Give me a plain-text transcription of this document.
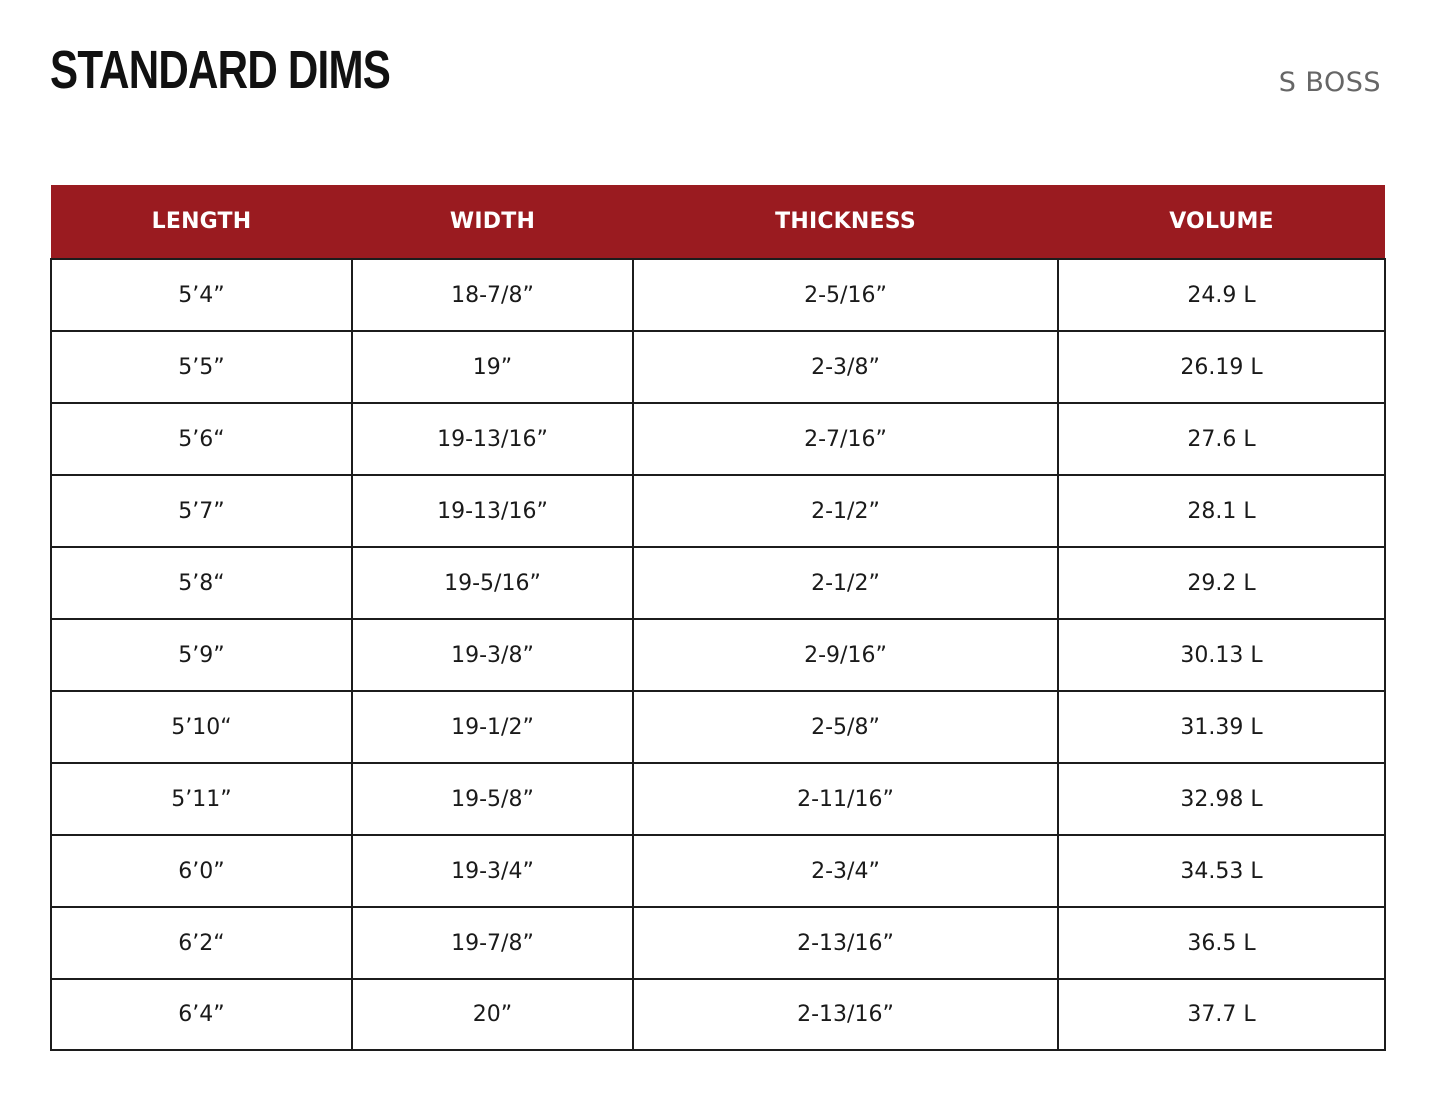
STANDARD DIMS	S BOSS
LENGTH	WIDTH	THICKNESS	VOLUME
5’4”	18-7/8”	2-5/16”	24.9 L
5’5”	19”	2-3/8”	26.19 L
5’6“	19-13/16”	2-7/16”	27.6 L
5’7”	19-13/16”	2-1/2”	28.1 L
5’8“	19-5/16”	2-1/2”	29.2 L
5’9”	19-3/8”	2-9/16”	30.13 L
5’10“	19-1/2”	2-5/8”	31.39 L
5’11”	19-5/8”	2-11/16”	32.98 L
6’0”	19-3/4”	2-3/4”	34.53 L
6’2“	19-7/8”	2-13/16”	36.5 L
6’4”	20”	2-13/16”	37.7 L
